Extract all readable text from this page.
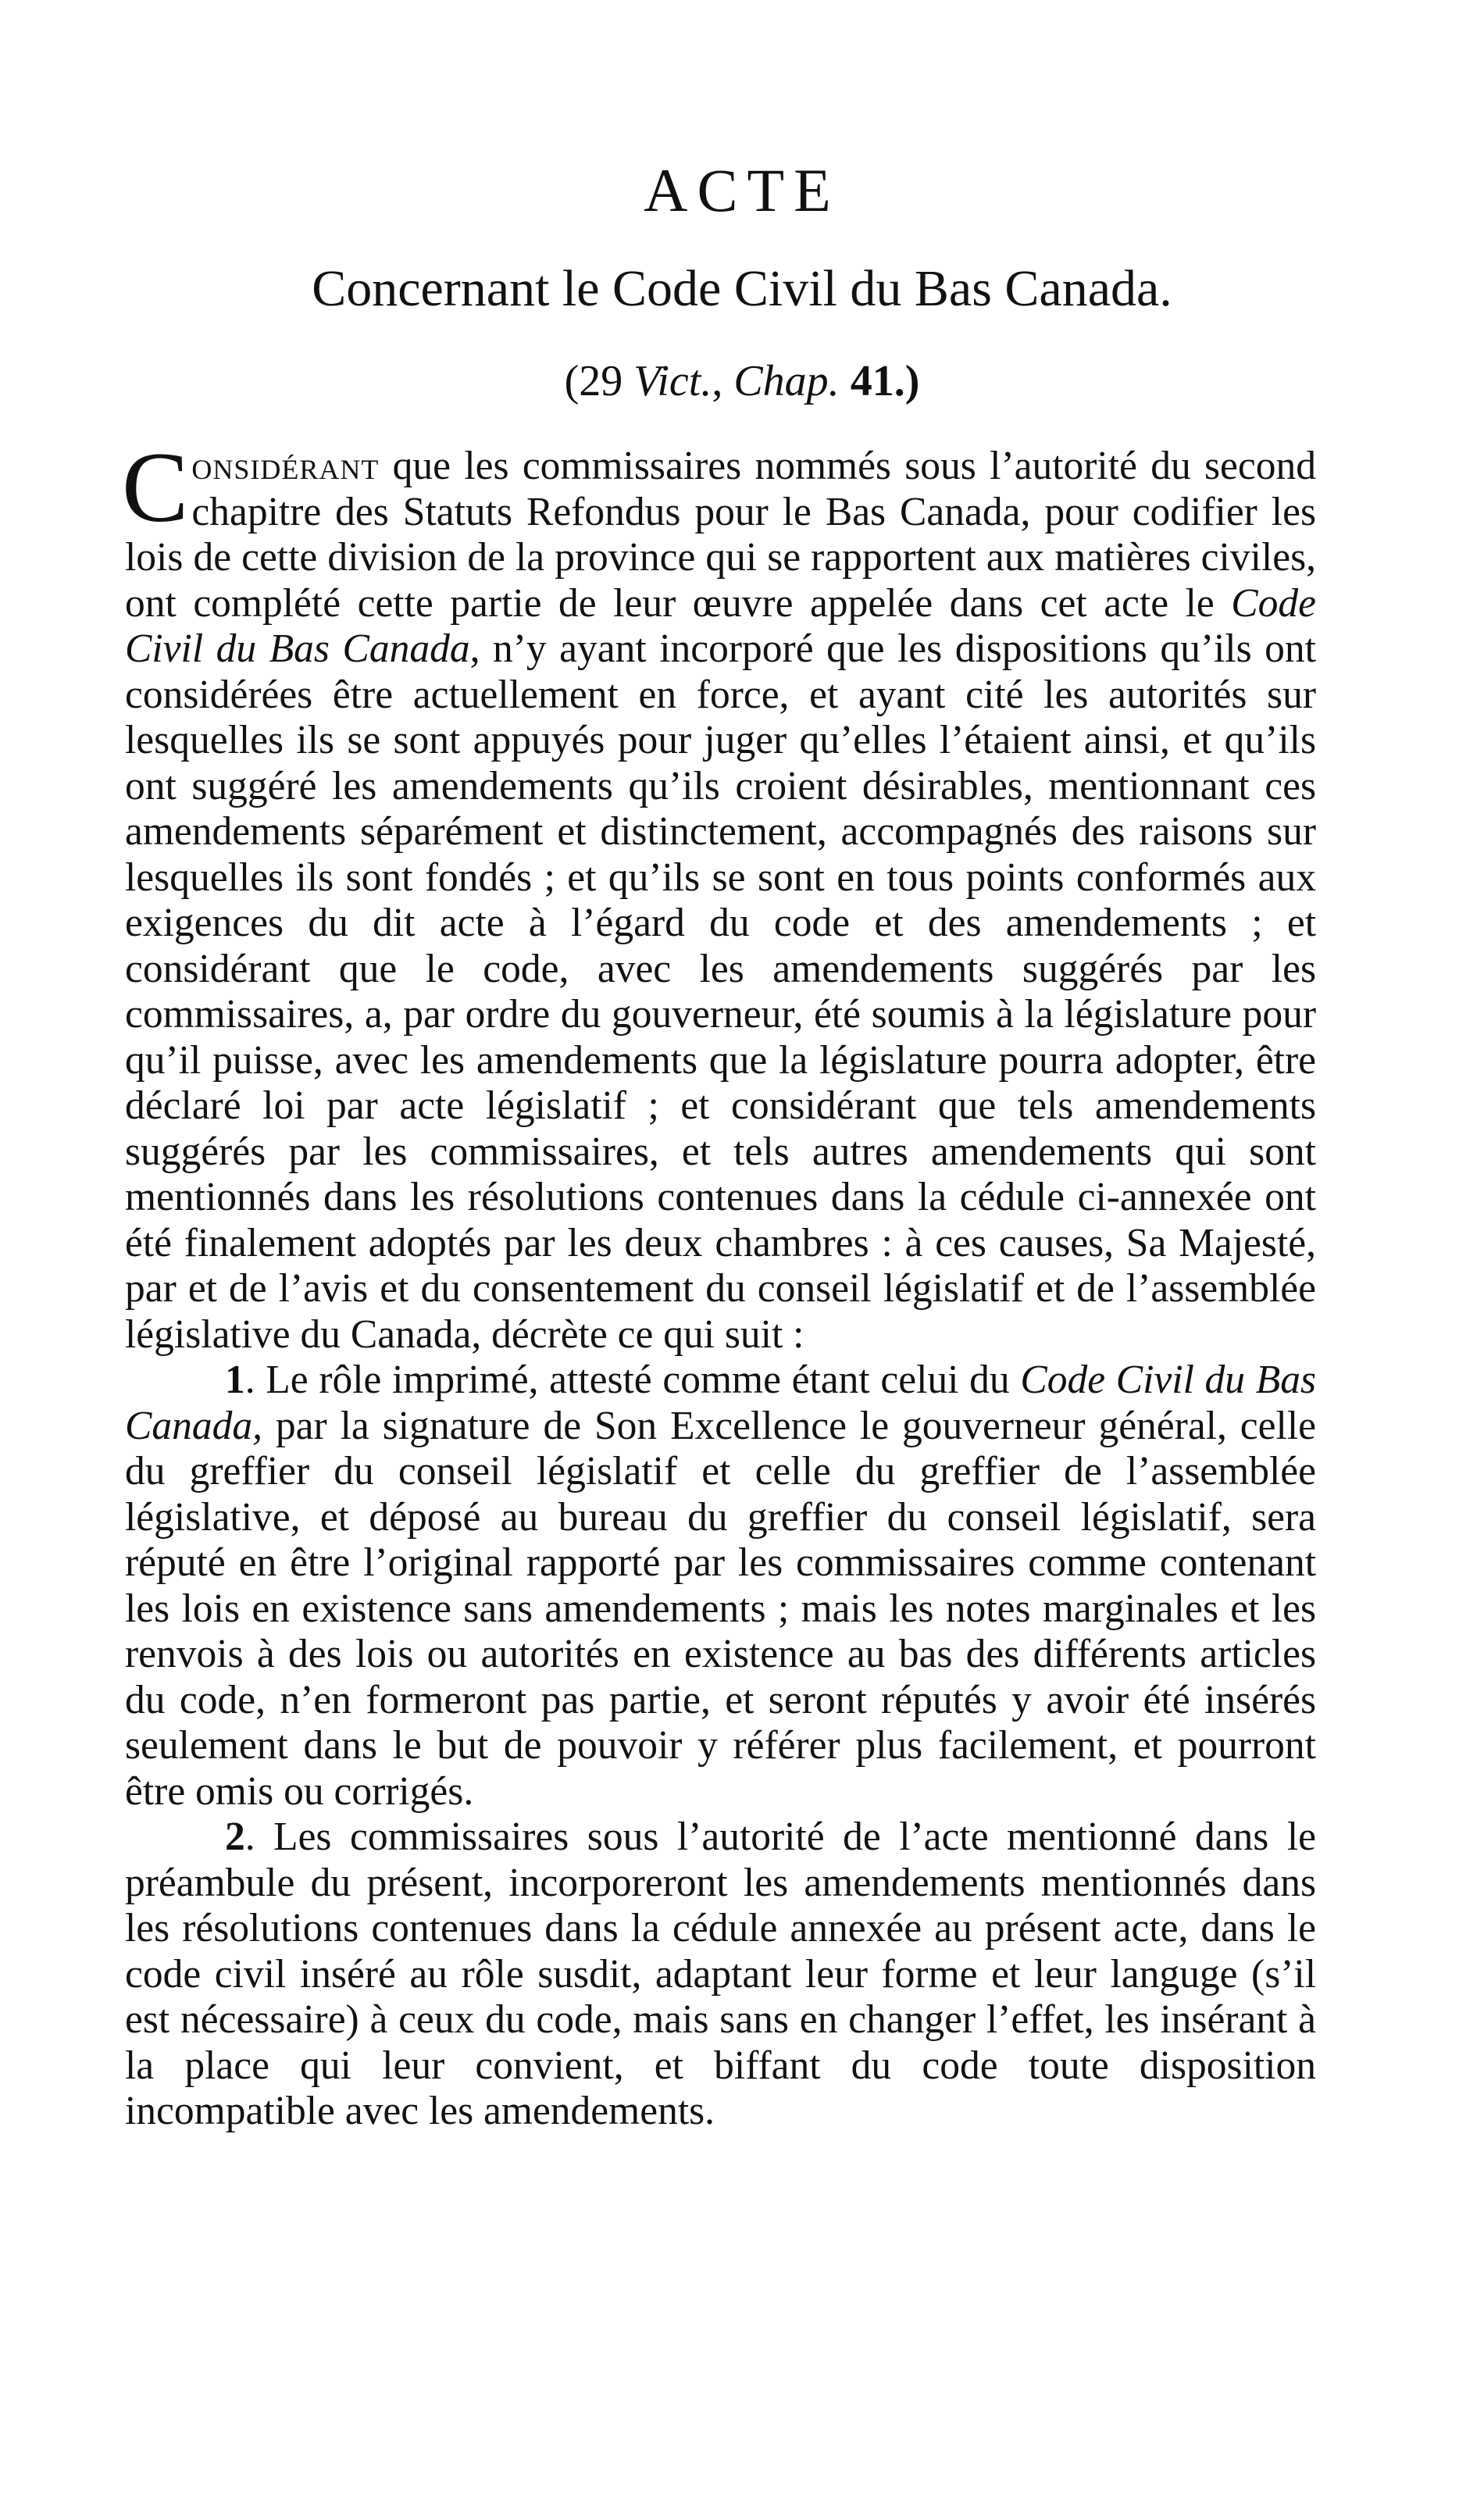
ACTE
Concernant le Code Civil du Bas Canada.
(29 Vict., Chap. 41.)

Considérant que les commissaires nommés sous l’autorité du second chapitre des Statuts Refondus pour le Bas Canada, pour codifier les lois de cette division de la province qui se rapportent aux matières civiles, ont complété cette partie de leur œuvre appelée dans cet acte le Code Civil du Bas Canada, n’y ayant incorporé que les dispositions qu’ils ont considérées être actuellement en force, et ayant cité les autorités sur lesquelles ils se sont appuyés pour juger qu’elles l’étaient ainsi, et qu’ils ont suggéré les amendements qu’ils croient désirables, mentionnant ces amendements séparément et distinctement, accompagnés des raisons sur lesquelles ils sont fondés ; et qu’ils se sont en tous points conformés aux exigences du dit acte à l’égard du code et des amendements ; et considérant que le code, avec les amendements suggérés par les commissaires, a, par ordre du gouverneur, été soumis à la législature pour qu’il puisse, avec les amendements que la législature pourra adopter, être déclaré loi par acte législatif ; et considérant que tels amendements suggérés par les commissaires, et tels autres amendements qui sont mentionnés dans les résolutions contenues dans la cédule ci-annexée ont été finalement adoptés par les deux chambres : à ces causes, Sa Majesté, par et de l’avis et du consentement du conseil législatif et de l’assemblée législative du Canada, décrète ce qui suit :

1. Le rôle imprimé, attesté comme étant celui du Code Civil du Bas Canada, par la signature de Son Excellence le gouverneur général, celle du greffier du conseil législatif et celle du greffier de l’assemblée législative, et déposé au bureau du greffier du conseil législatif, sera réputé en être l’original rapporté par les commissaires comme contenant les lois en existence sans amendements ; mais les notes marginales et les renvois à des lois ou autorités en existence au bas des différents articles du code, n’en formeront pas partie, et seront réputés y avoir été insérés seulement dans le but de pouvoir y référer plus facilement, et pourront être omis ou corrigés.

2. Les commissaires sous l’autorité de l’acte mentionné dans le préambule du présent, incorporeront les amendements mentionnés dans les résolutions contenues dans la cédule annexée au présent acte, dans le code civil inséré au rôle susdit, adaptant leur forme et leur languge (s’il est nécessaire) à ceux du code, mais sans en changer l’effet, les insérant à la place qui leur convient, et biffant du code toute disposition incompatible avec les amendements.
